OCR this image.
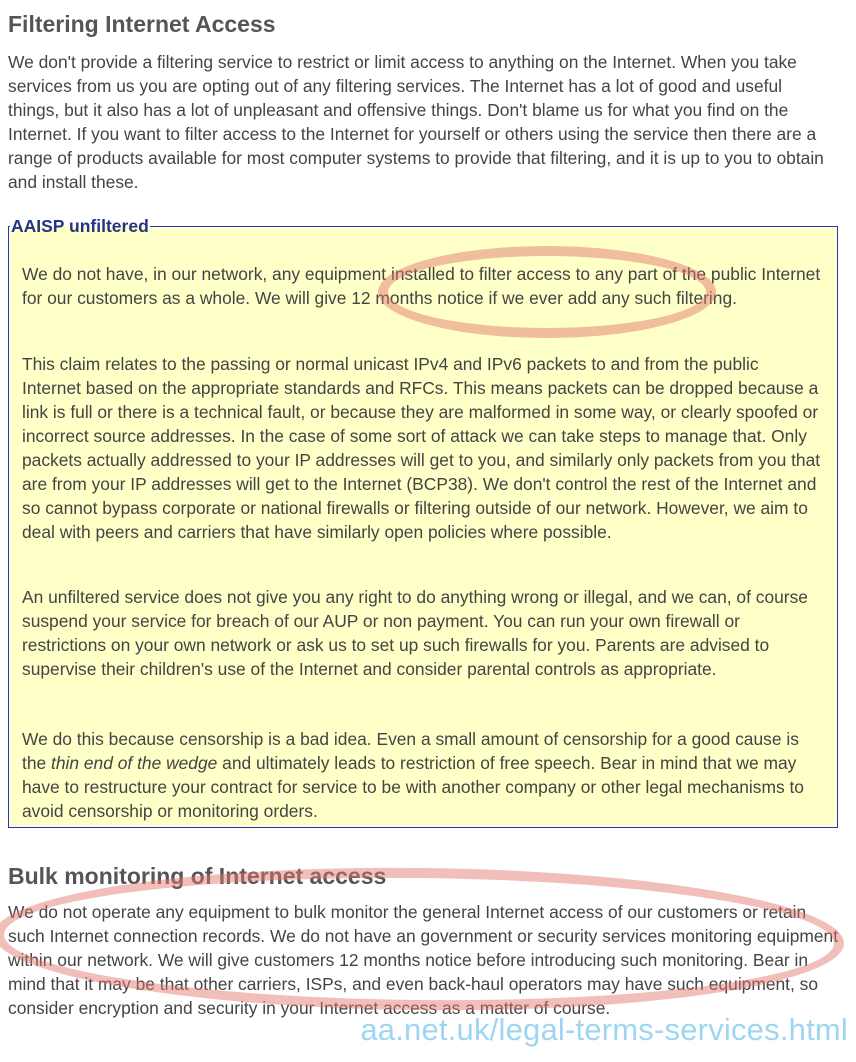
Filtering Internet Access

We don't provide a filtering service to restrict or limit access to anything on the Internet. When you take services from us you are opting out of any filtering services. The Internet has a lot of good and useful things, but it also has a lot of unpleasant and offensive things. Don't blame us for what you find on the Internet. If you want to filter access to the Internet for yourself or others using the service then there are a range of products available for most computer systems to provide that filtering, and it is up to you to obtain and install these.

AAISP unfiltered

We do not have, in our network, any equipment installed to filter access to any part of the public Internet for our customers as a whole. We will give 12 months notice if we ever add any such filtering.

This claim relates to the passing or normal unicast IPv4 and IPv6 packets to and from the public Internet based on the appropriate standards and RFCs. This means packets can be dropped because a link is full or there is a technical fault, or because they are malformed in some way, or clearly spoofed or incorrect source addresses. In the case of some sort of attack we can take steps to manage that. Only packets actually addressed to your IP addresses will get to you, and similarly only packets from you that are from your IP addresses will get to the Internet (BCP38). We don't control the rest of the Internet and so cannot bypass corporate or national firewalls or filtering outside of our network. However, we aim to deal with peers and carriers that have similarly open policies where possible.

An unfiltered service does not give you any right to do anything wrong or illegal, and we can, of course suspend your service for breach of our AUP or non payment. You can run your own firewall or restrictions on your own network or ask us to set up such firewalls for you. Parents are advised to supervise their children's use of the Internet and consider parental controls as appropriate.

We do this because censorship is a bad idea. Even a small amount of censorship for a good cause is the thin end of the wedge and ultimately leads to restriction of free speech. Bear in mind that we may have to restructure your contract for service to be with another company or other legal mechanisms to avoid censorship or monitoring orders.

Bulk monitoring of Internet access

We do not operate any equipment to bulk monitor the general Internet access of our customers or retain such Internet connection records. We do not have an government or security services monitoring equipment within our network. We will give customers 12 months notice before introducing such monitoring. Bear in mind that it may be that other carriers, ISPs, and even back-haul operators may have such equipment, so consider encryption and security in your Internet access as a matter of course.

aa.net.uk/legal-terms-services.html
